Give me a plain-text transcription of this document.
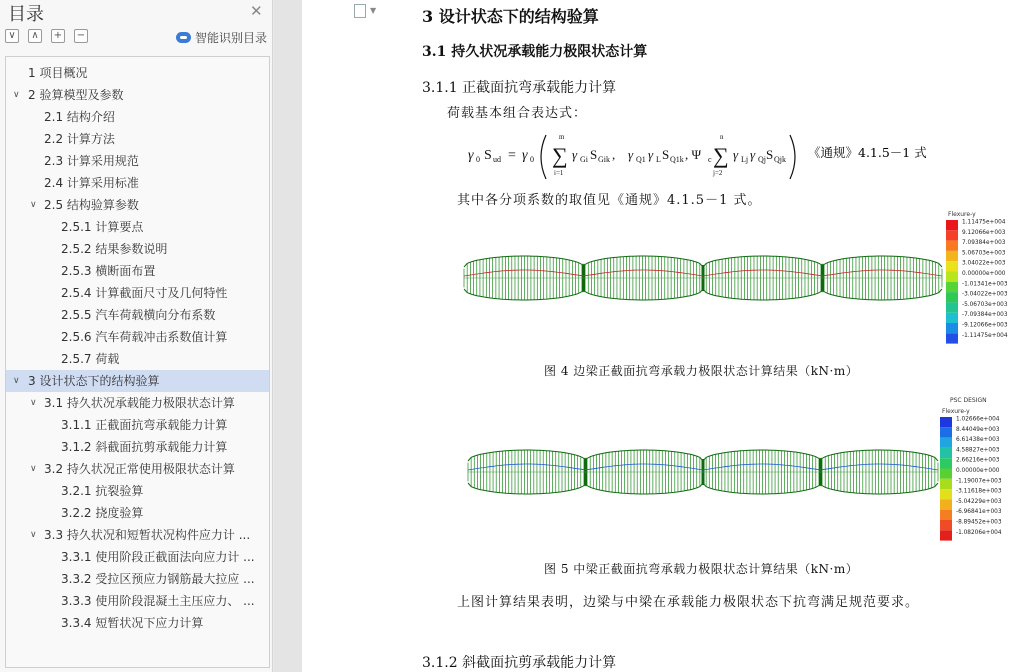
目录	✕
∨	∧	+ −	智能识别目录
1 项目概况
∨ 2 验算模型及参数
2.1 结构介绍
2.2 计算方法
2.3 计算采用规范
2.4 计算采用标准
∨ 2.5 结构验算参数
2.5.1 计算要点
2.5.2 结果参数说明
2.5.3 横断面布置
2.5.4 计算截面尺寸及几何特性
2.5.5 汽车荷载横向分布系数
2.5.6 汽车荷载冲击系数值计算
2.5.7 荷载
∨ 3 设计状态下的结构验算
∨ 3.1 持久状况承载能力极限状态计算
3.1.1 正截面抗弯承载能力计算
3.1.2 斜截面抗剪承载能力计算
∨ 3.2 持久状况正常使用极限状态计算
3.2.1 抗裂验算
3.2.2 挠度验算
∨ 3.3 持久状况和短暂状况构件应力计 ...
3.3.1 使用阶段正截面法向应力计 ...
3.3.2 受拉区预应力钢筋最大拉应 ...
3.3.3 使用阶段混凝土主压应力、 ...
3.3.4 短暂状况下应力计算
▼	3 设计状态下的结构验算
3.1 持久状况承载能力极限状态计算
3.1.1 正截面抗弯承载能力计算
荷载基本组合表达式：
γ 0 S ud = γ 0
m
∑
i=1
γ Gi S Gik , γ Q1 γ L S Q1k , Ψ c
n
∑
j=2
γ Lj γ Qj S Qjk 《通规》4.1.5－1 式
其中各分项系数的取值见《通规》4.1.5－1 式。
Flexure-y
1.11475e+004
9.12066e+003
7.09384e+003
5.06703e+003
3.04022e+003
0.00000e+000
-1.01341e+003
-3.04022e+003
-5.06703e+003
-7.09384e+003
-9.12066e+003
-1.11475e+004
图 4 边梁正截面抗弯承载力极限状态计算结果（kN·m）
PSC DESIGN
Flexure-y
1.02666e+004
8.44049e+003
6.61438e+003
4.58827e+003
2.66216e+003
0.00000e+000
-1.19007e+003
-3.11618e+003
-5.04229e+003
-6.96841e+003
-8.89452e+003
-1.08206e+004
图 5 中梁正截面抗弯承载力极限状态计算结果（kN·m）
上图计算结果表明，边梁与中梁在承载能力极限状态下抗弯满足规范要求。
3.1.2 斜截面抗剪承载能力计算
